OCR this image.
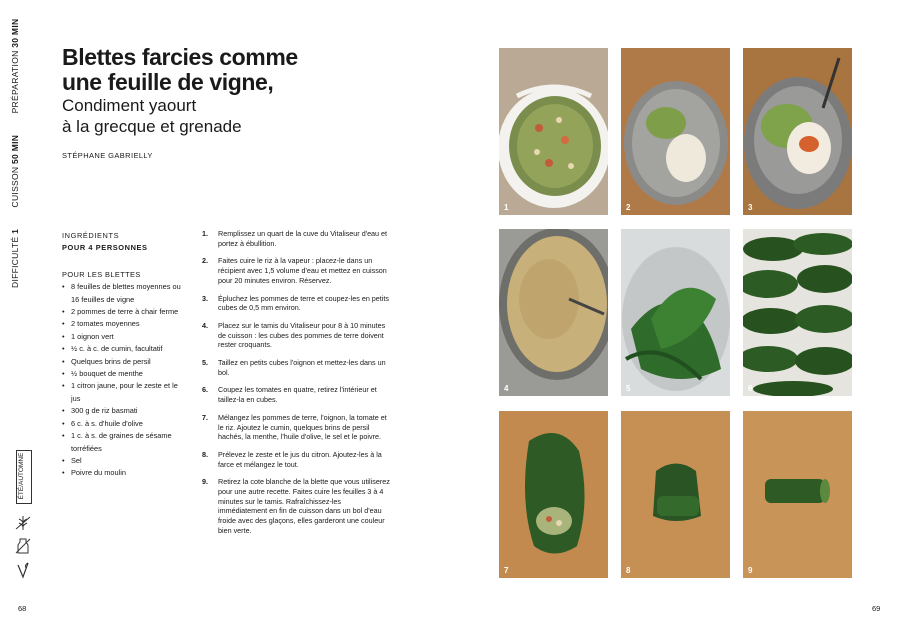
DIFFICULTÉ 1  CUISSON 50 MIN  PRÉPARATION 30 MIN
ÉTÉ/AUTOMNE
68	69
Blettes farcies comme
une feuille de vigne,
Condiment yaourt
à la grecque et grenade
STÉPHANE GABRIELLY
INGRÉDIENTS
POUR 4 PERSONNES
POUR LES BLETTES
• 8 feuilles de blettes moyennes ou 16 feuilles de vigne
• 2 pommes de terre à chair ferme
• 2 tomates moyennes
• 1 oignon vert
• ½ c. à c. de cumin, facultatif
• Quelques brins de persil
• ½ bouquet de menthe
• 1 citron jaune, pour le zeste et le jus
• 300 g de riz basmati
• 6 c. à s. d'huile d'olive
• 1 c. à s. de graines de sésame torréfiées
• Sel
• Poivre du moulin
1.	Remplissez un quart de la cuve du Vitaliseur d'eau et portez à ébullition.
2.	Faites cuire le riz à la vapeur : placez-le dans un récipient avec 1,5 volume d'eau et mettez en cuisson pour 20 minutes environ. Réservez.
3.	Épluchez les pommes de terre et coupez-les en petits cubes de 0,5 mm environ.
4.	Placez sur le tamis du Vitaliseur pour 8 à 10 minutes de cuisson : les cubes des pommes de terre doivent rester croquants.
5.	Taillez en petits cubes l'oignon et mettez-les dans un bol.
6.	Coupez les tomates en quatre, retirez l'intérieur et taillez-la en cubes.
7.	Mélangez les pommes de terre, l'oignon, la tomate et le riz. Ajoutez le cumin, quelques brins de persil hachés, la menthe, l'huile d'olive, le sel et le poivre.
8.	Prélevez le zeste et le jus du citron. Ajoutez-les à la farce et mélangez le tout.
9.	Retirez la cote blanche de la blette que vous utiliserez pour une autre recette. Faites cuire les feuilles 3 à 4 minutes sur le tamis. Rafraîchissez-les immédiatement en fin de cuisson dans un bol d'eau froide avec des glaçons, elles garderont une couleur bien verte.
1	2	3
4	5	6
7	8	9
